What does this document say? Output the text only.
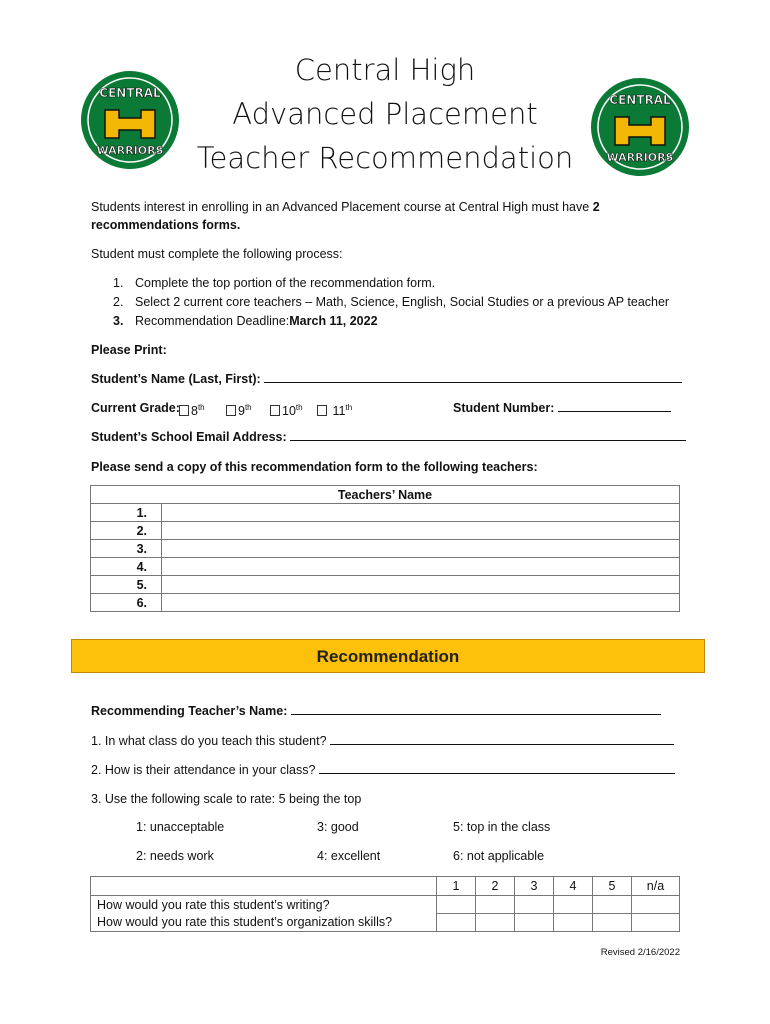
CENTRAL
WARRIORS
CENTRAL
WARRIORS
Central High
Advanced Placement
Teacher Recommendation
Students interest in enrolling in an Advanced Placement course at Central High must have 2
recommendations forms.
Student must complete the following process:
1. Complete the top portion of the recommendation form.
2. Select 2 current core teachers – Math, Science, English, Social Studies or a previous AP teacher
3. Recommendation Deadline: March 11, 2022
Please Print:
Student’s Name (Last, First):
Current Grade: 8th	9th	10th	11th	Student Number:
Student’s School Email Address:
Please send a copy of this recommendation form to the following teachers:
Teachers’ Name	
1.	
2.	
3.	
4.	
5.	
6.	
Recommendation
Recommending Teacher’s Name:
1. In what class do you teach this student?
2. How is their attendance in your class?
3. Use the following scale to rate: 5 being the top
1: unacceptable	3: good	5: top in the class
2: needs work	4: excellent	6: not applicable
	1	2	3	4	5	n/a
How would you rate this student’s writing?						
How would you rate this student’s organization skills?						
Revised 2/16/2022
